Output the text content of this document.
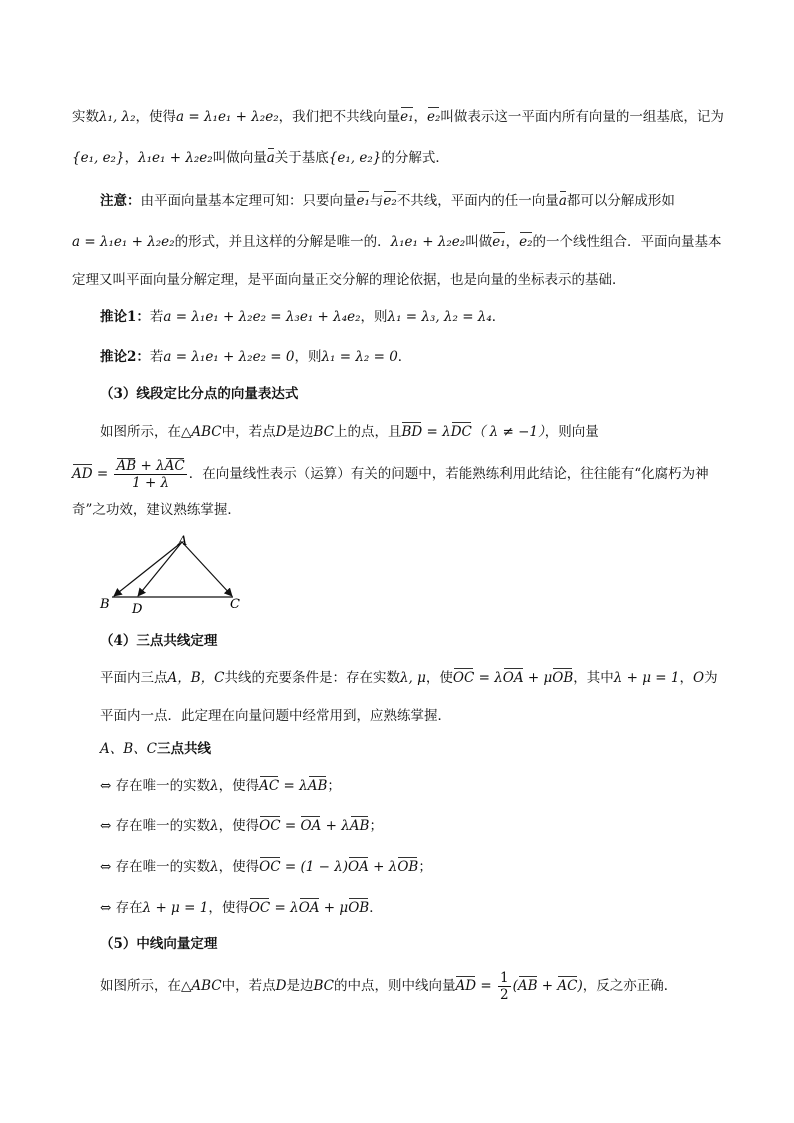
实数λ₁, λ₂，使得a = λ₁e₁ + λ₂e₂，我们把不共线向量e₁，e₂叫做表示这一平面内所有向量的一组基底，记为
{e₁, e₂}，λ₁e₁ + λ₂e₂叫做向量a关于基底{e₁, e₂}的分解式．
注意：由平面向量基本定理可知：只要向量e₁与e₂不共线，平面内的任一向量a都可以分解成形如
a = λ₁e₁ + λ₂e₂的形式，并且这样的分解是唯一的．λ₁e₁ + λ₂e₂叫做e₁，e₂的一个线性组合．平面向量基本
定理又叫平面向量分解定理，是平面向量正交分解的理论依据，也是向量的坐标表示的基础．
推论1：若a = λ₁e₁ + λ₂e₂ = λ₃e₁ + λ₄e₂，则λ₁ = λ₃, λ₂ = λ₄．
推论2：若a = λ₁e₁ + λ₂e₂ = 0，则λ₁ = λ₂ = 0．
（3）线段定比分点的向量表达式
如图所示，在△ABC中，若点D是边BC上的点，且BD = λDC（ λ ≠ −1），则向量
AD = $\frac{\text{AB + λAC}}{1 + \lambda}$ ．在向量线性表示（运算）有关的问题中，若能熟练利用此结论，往往能有“化腐朽为神
奇”之功效，建议熟练掌握．
A
B D	C
（4）三点共线定理
平面内三点A，B，C共线的充要条件是：存在实数λ, μ，使OC = λOA + μOB，其中λ + μ = 1，O为
平面内一点．此定理在向量问题中经常用到，应熟练掌握．
A、B、C三点共线
⇔ 存在唯一的实数λ，使得AC = λAB；
⇔ 存在唯一的实数λ，使得OC = OA + λAB；
⇔ 存在唯一的实数λ，使得OC = (1 − λ)OA + λOB；
⇔ 存在λ + μ = 1，使得OC = λOA + μOB．
（5）中线向量定理
如图所示，在△ABC中，若点D是边BC的中点，则中线向量AD = $\frac{1}{2} (AB + AC)$，反之亦正确．
